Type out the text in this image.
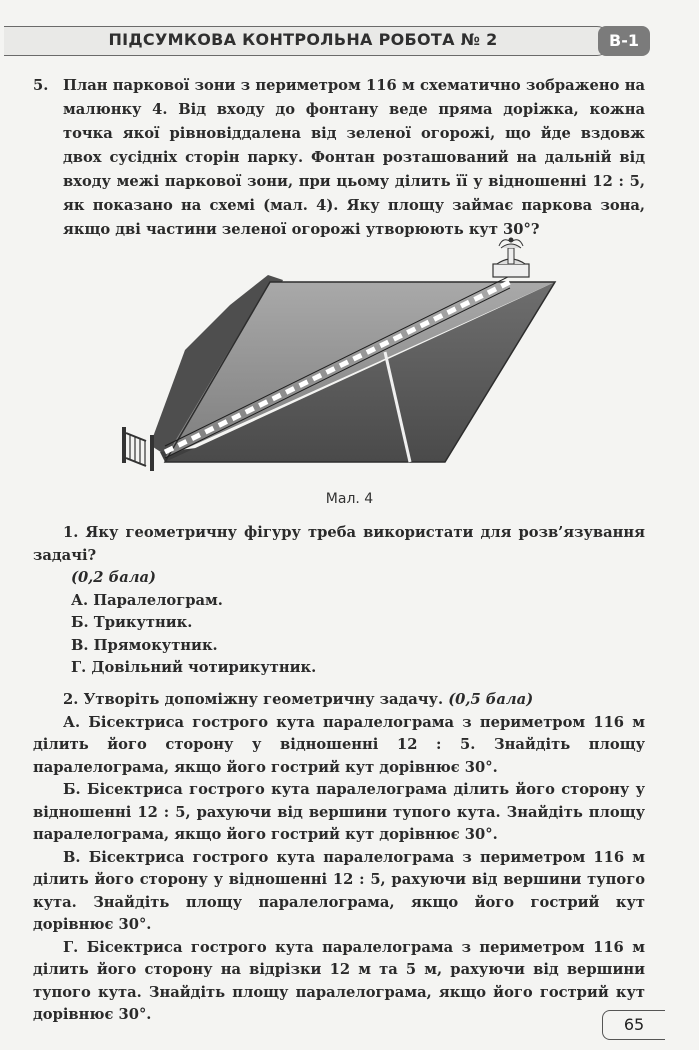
ПІДСУМКОВА КОНТРОЛЬНА РОБОТА № 2	В-1
5. План паркової зони з периметром 116 м схематично зображено на малюнку 4. Від входу до фонтану веде пряма доріжка, кожна точка якої рівновіддалена від зеленої огорожі, що йде вздовж двох сусідніх сторін парку. Фонтан розташований на дальній від входу межі паркової зони, при цьому ділить її у відношенні 12 : 5, як показано на схемі (мал. 4). Яку площу займає паркова зона, якщо дві частини зеленої огорожі утворюють кут 30°?
Мал. 4
1. Яку геометричну фігуру треба використати для розв’язування задачі?
(0,2 бала)
А. Паралелограм.
Б. Трикутник.
В. Прямокутник.
Г. Довільний чотирикутник.
2. Утворіть допоміжну геометричну задачу. (0,5 бала)

А. Бісектриса гострого кута паралелограма з периметром 116 м ділить його сторону у відношенні 12 : 5. Знайдіть площу паралелограма, якщо його гострий кут дорівнює 30°.

Б. Бісектриса гострого кута паралелограма ділить його сторону у відношенні 12 : 5, рахуючи від вершини тупого кута. Знайдіть площу паралелограма, якщо його гострий кут дорівнює 30°.

В. Бісектриса гострого кута паралелограма з периметром 116 м ділить його сторону у відношенні 12 : 5, рахуючи від вершини тупого кута. Знайдіть площу паралелограма, якщо його гострий кут дорівнює 30°.

Г. Бісектриса гострого кута паралелограма з периметром 116 м ділить його сторону на відрізки 12 м та 5 м, рахуючи від вершини тупого кута. Знайдіть площу паралелограма, якщо його гострий кут дорівнює 30°.

65
